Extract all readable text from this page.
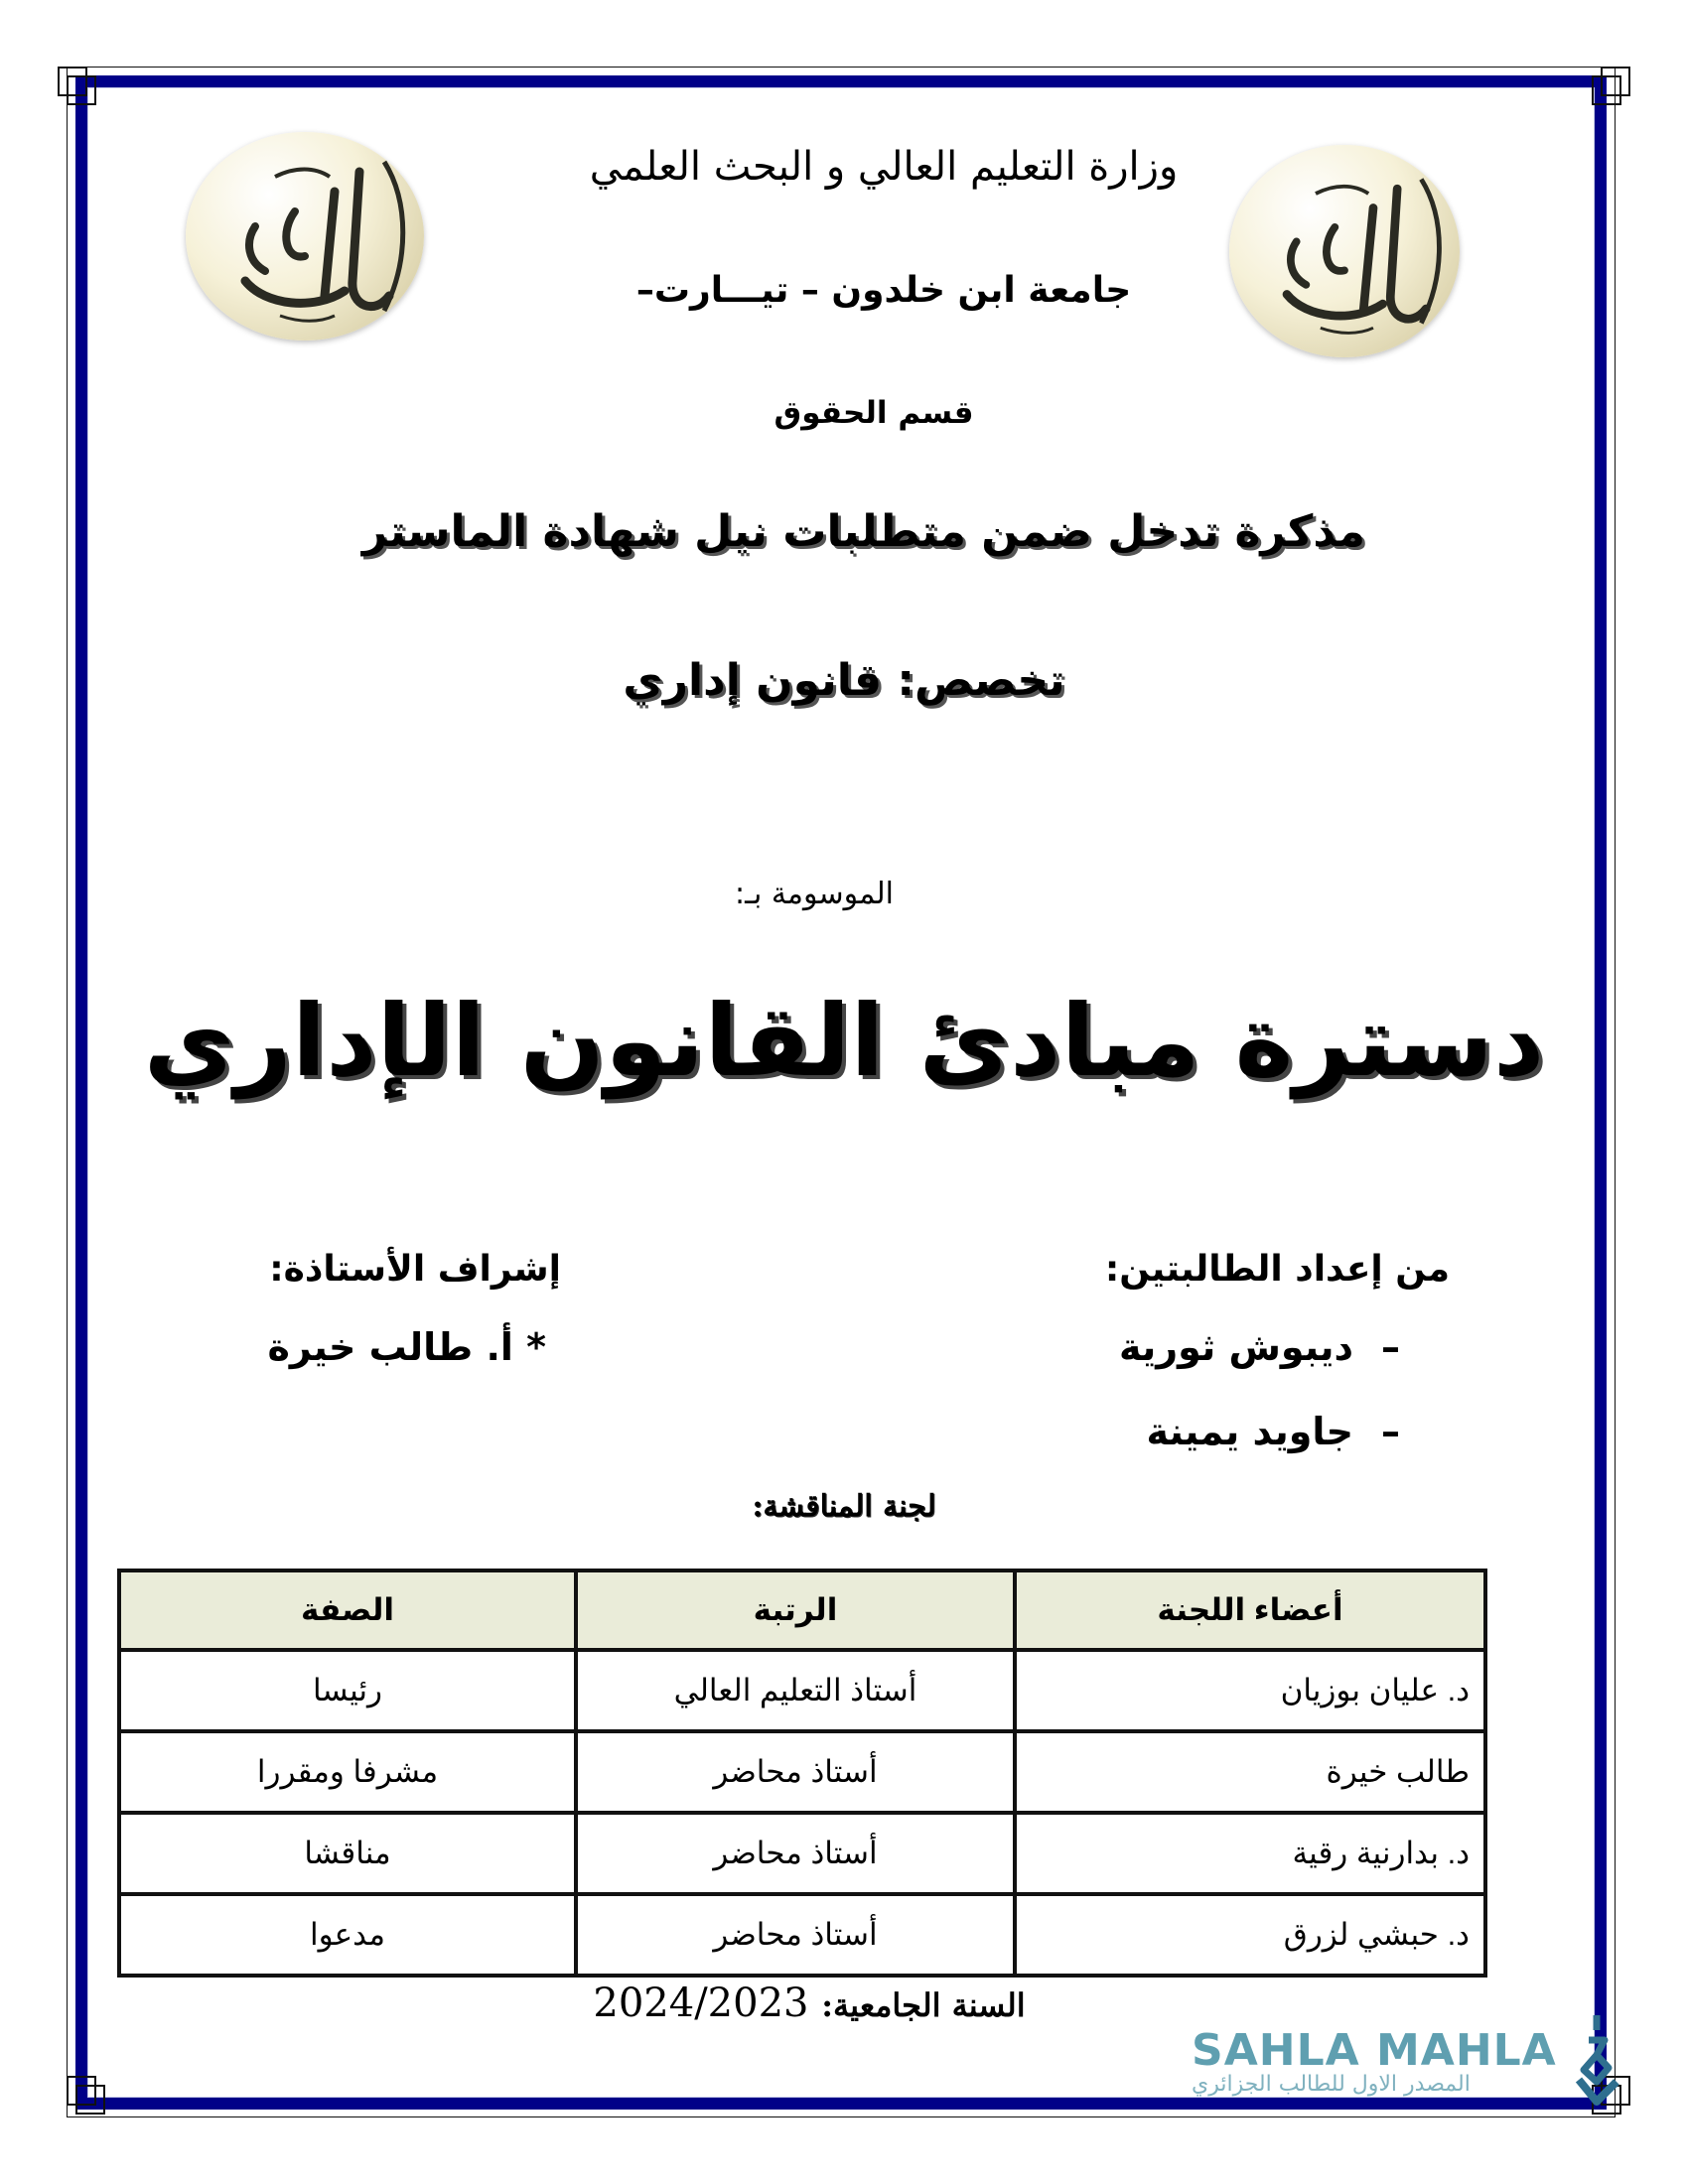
وزارة التعليم العالي و البحث العلمي
جامعة ابن خلدون – تيـــارت–
قسم الحقوق
مذكرة تدخل ضمن متطلبات نيل شهادة الماستر
تخصص: قانون إداري
الموسومة بـ:
دسترة مبادئ القانون الإداري
من إعداد الطالبتين:
–ديبوش ثورية
–جاويد يمينة
إشراف الأستاذة:
* أ. طالب خيرة
لجنة المناقشة:
أعضاء اللجنة	الرتبة	الصفة
د. عليان بوزيان	أستاذ التعليم العالي	رئيسا
طالب خيرة	أستاذ محاضر	مشرفا ومقررا
د. بدارنية رقية	أستاذ محاضر	مناقشا
د. حبشي لزرق	أستاذ محاضر	مدعوا
السنة الجامعية: 2024/2023
SAHLA MAHLA
المصدر الاول للطالب الجزائري
